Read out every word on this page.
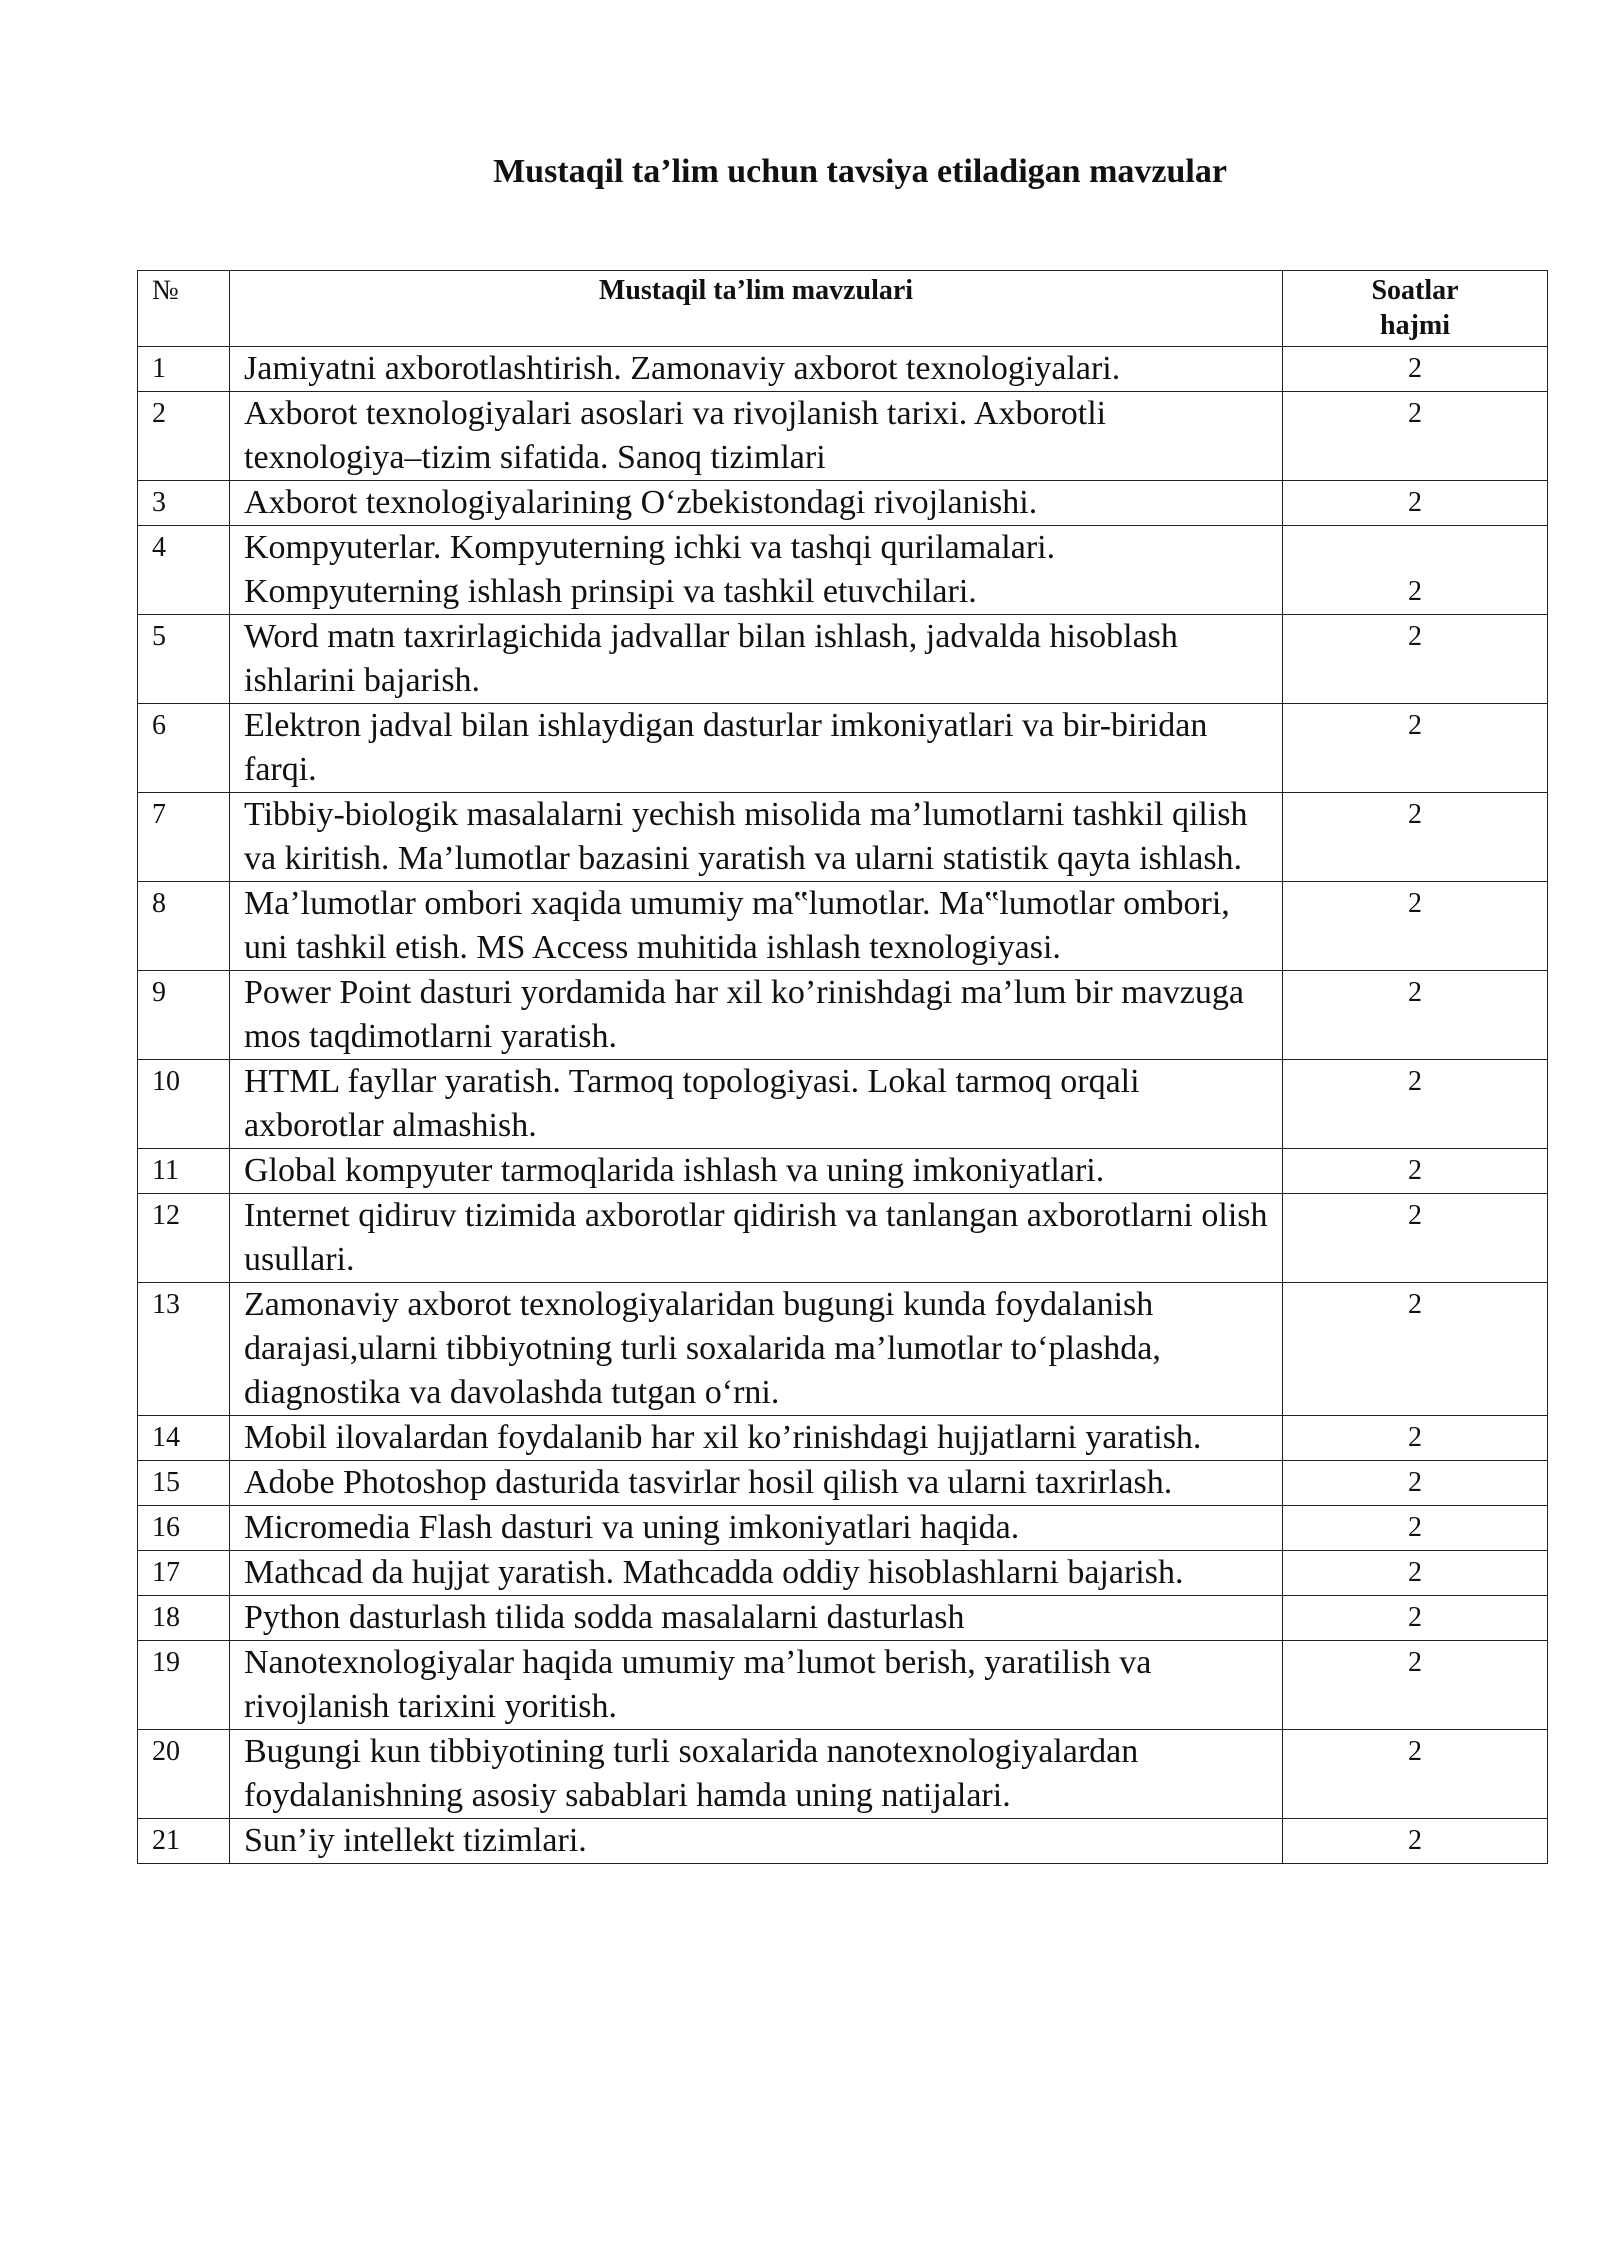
Mustaqil ta’lim uchun tavsiya etiladigan mavzular
№	Mustaqil ta’lim mavzulari	Soatlar
hajmi
1	Jamiyatni axborotlashtirish. Zamonaviy axborot texnologiyalari.	2
2	Axborot texnologiyalari asoslari va rivojlanish tarixi. Axborotli texnologiya–tizim sifatida. Sanoq tizimlari	2
3	Axborot texnologiyalarining O‘zbekistondagi rivojlanishi.	2
4	Kompyuterlar. Kompyuterning ichki va tashqi qurilamalari. Kompyuterning ishlash prinsipi va tashkil etuvchilari.	2
5	Word matn taxrirlagichida jadvallar bilan ishlash, jadvalda hisoblash ishlarini bajarish.	2
6	Elektron jadval bilan ishlaydigan dasturlar imkoniyatlari va bir-biridan farqi.	2
7	Tibbiy-biologik masalalarni yechish misolida ma’lumotlarni tashkil qilish va kiritish. Ma’lumotlar bazasini yaratish va ularni statistik qayta ishlash.	2
8	Ma’lumotlar ombori xaqida umumiy ma‟lumotlar. Ma‟lumotlar ombori, uni tashkil etish. MS Access muhitida ishlash texnologiyasi.	2
9	Power Point dasturi yordamida har xil ko’rinishdagi ma’lum bir mavzuga mos taqdimotlarni yaratish.	2
10	HTML fayllar yaratish. Tarmoq topologiyasi. Lokal tarmoq orqali axborotlar almashish.	2
11	Global kompyuter tarmoqlarida ishlash va uning imkoniyatlari.	2
12	Internet qidiruv tizimida axborotlar qidirish va tanlangan axborotlarni olish usullari.	2
13	Zamonaviy axborot texnologiyalaridan bugungi kunda foydalanish darajasi,ularni tibbiyotning turli soxalarida ma’lumotlar to‘plashda, diagnostika va davolashda tutgan o‘rni.	2
14	Mobil ilovalardan foydalanib har xil ko’rinishdagi hujjatlarni yaratish.	2
15	Adobe Photoshop dasturida tasvirlar hosil qilish va ularni taxrirlash.	2
16	Micromedia Flash dasturi va uning imkoniyatlari haqida.	2
17	Mathcad da hujjat yaratish. Mathcadda oddiy hisoblashlarni bajarish.	2
18	Python dasturlash tilida sodda masalalarni dasturlash	2
19	Nanotexnologiyalar haqida umumiy ma’lumot berish, yaratilish va rivojlanish tarixini yoritish.	2
20	Bugungi kun tibbiyotining turli soxalarida nanotexnologiyalardan foydalanishning asosiy sabablari hamda uning natijalari.	2
21	Sun’iy intellekt tizimlari.	2
